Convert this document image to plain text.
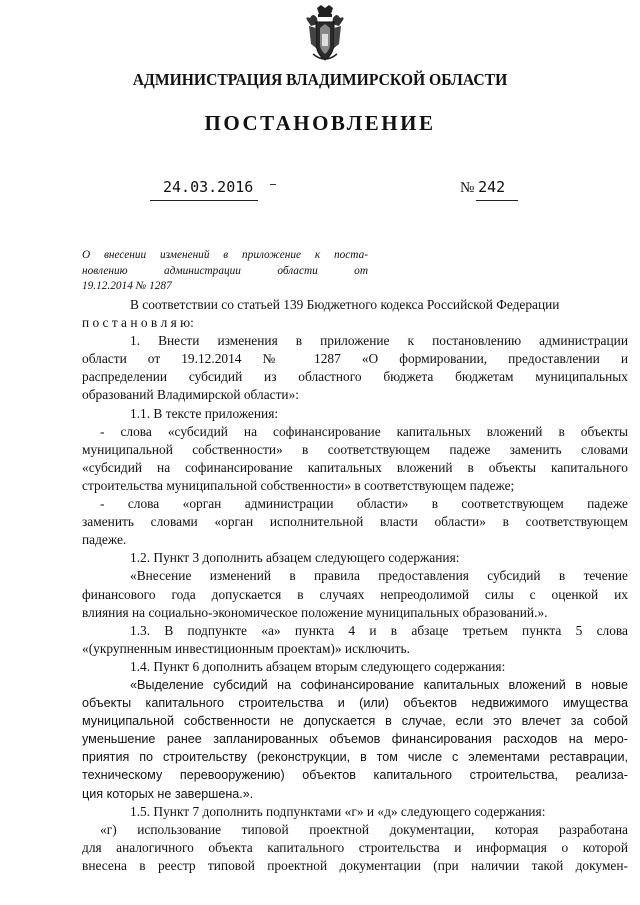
АДМИНИСТРАЦИЯ ВЛАДИМИРСКОЙ ОБЛАСТИ
ПОСТАНОВЛЕНИЕ
24.03.2016	№ 242
О внесении изменений в приложение к поста-
новлению администрации области от
19.12.2014 № 1287
В соответствии со статьей 139 Бюджетного кодекса Российской Федерации
п о с т а н о в л я ю:
1. Внести изменения в приложение к постановлению администрации
области от 19.12.2014 № 1287 «О формировании, предоставлении и
распределении субсидий из областного бюджета бюджетам муниципальных
образований Владимирской области»:
1.1. В тексте приложения:
- слова «субсидий на софинансирование капитальных вложений в объекты
муниципальной собственности» в соответствующем падеже заменить словами
«субсидий на софинансирование капитальных вложений в объекты капитального
строительства муниципальной собственности» в соответствующем падеже;
- слова «орган администрации области» в соответствующем падеже
заменить словами «орган исполнительной власти области» в соответствующем
падеже.
1.2. Пункт 3 дополнить абзацем следующего содержания:
«Внесение изменений в правила предоставления субсидий в течение
финансового года допускается в случаях непреодолимой силы с оценкой их
влияния на социально-экономическое положение муниципальных образований.».
1.3. В подпункте «а» пункта 4 и в абзаце третьем пункта 5 слова
«(укрупненным инвестиционным проектам)» исключить.
1.4. Пункт 6 дополнить абзацем вторым следующего содержания:
«Выделение субсидий на софинансирование капитальных вложений в новые
объекты капитального строительства и (или) объектов недвижимого имущества
муниципальной собственности не допускается в случае, если это влечет за собой
уменьшение ранее запланированных объемов финансирования расходов на меро-
приятия по строительству (реконструкции, в том числе с элементами реставрации,
техническому перевооружению) объектов капитального строительства, реализа-
ция которых не завершена.».
1.5. Пункт 7 дополнить подпунктами «г» и «д» следующего содержания:
«г) использование типовой проектной документации, которая разработана
для аналогичного объекта капитального строительства и информация о которой
внесена в реестр типовой проектной документации (при наличии такой докумен-
